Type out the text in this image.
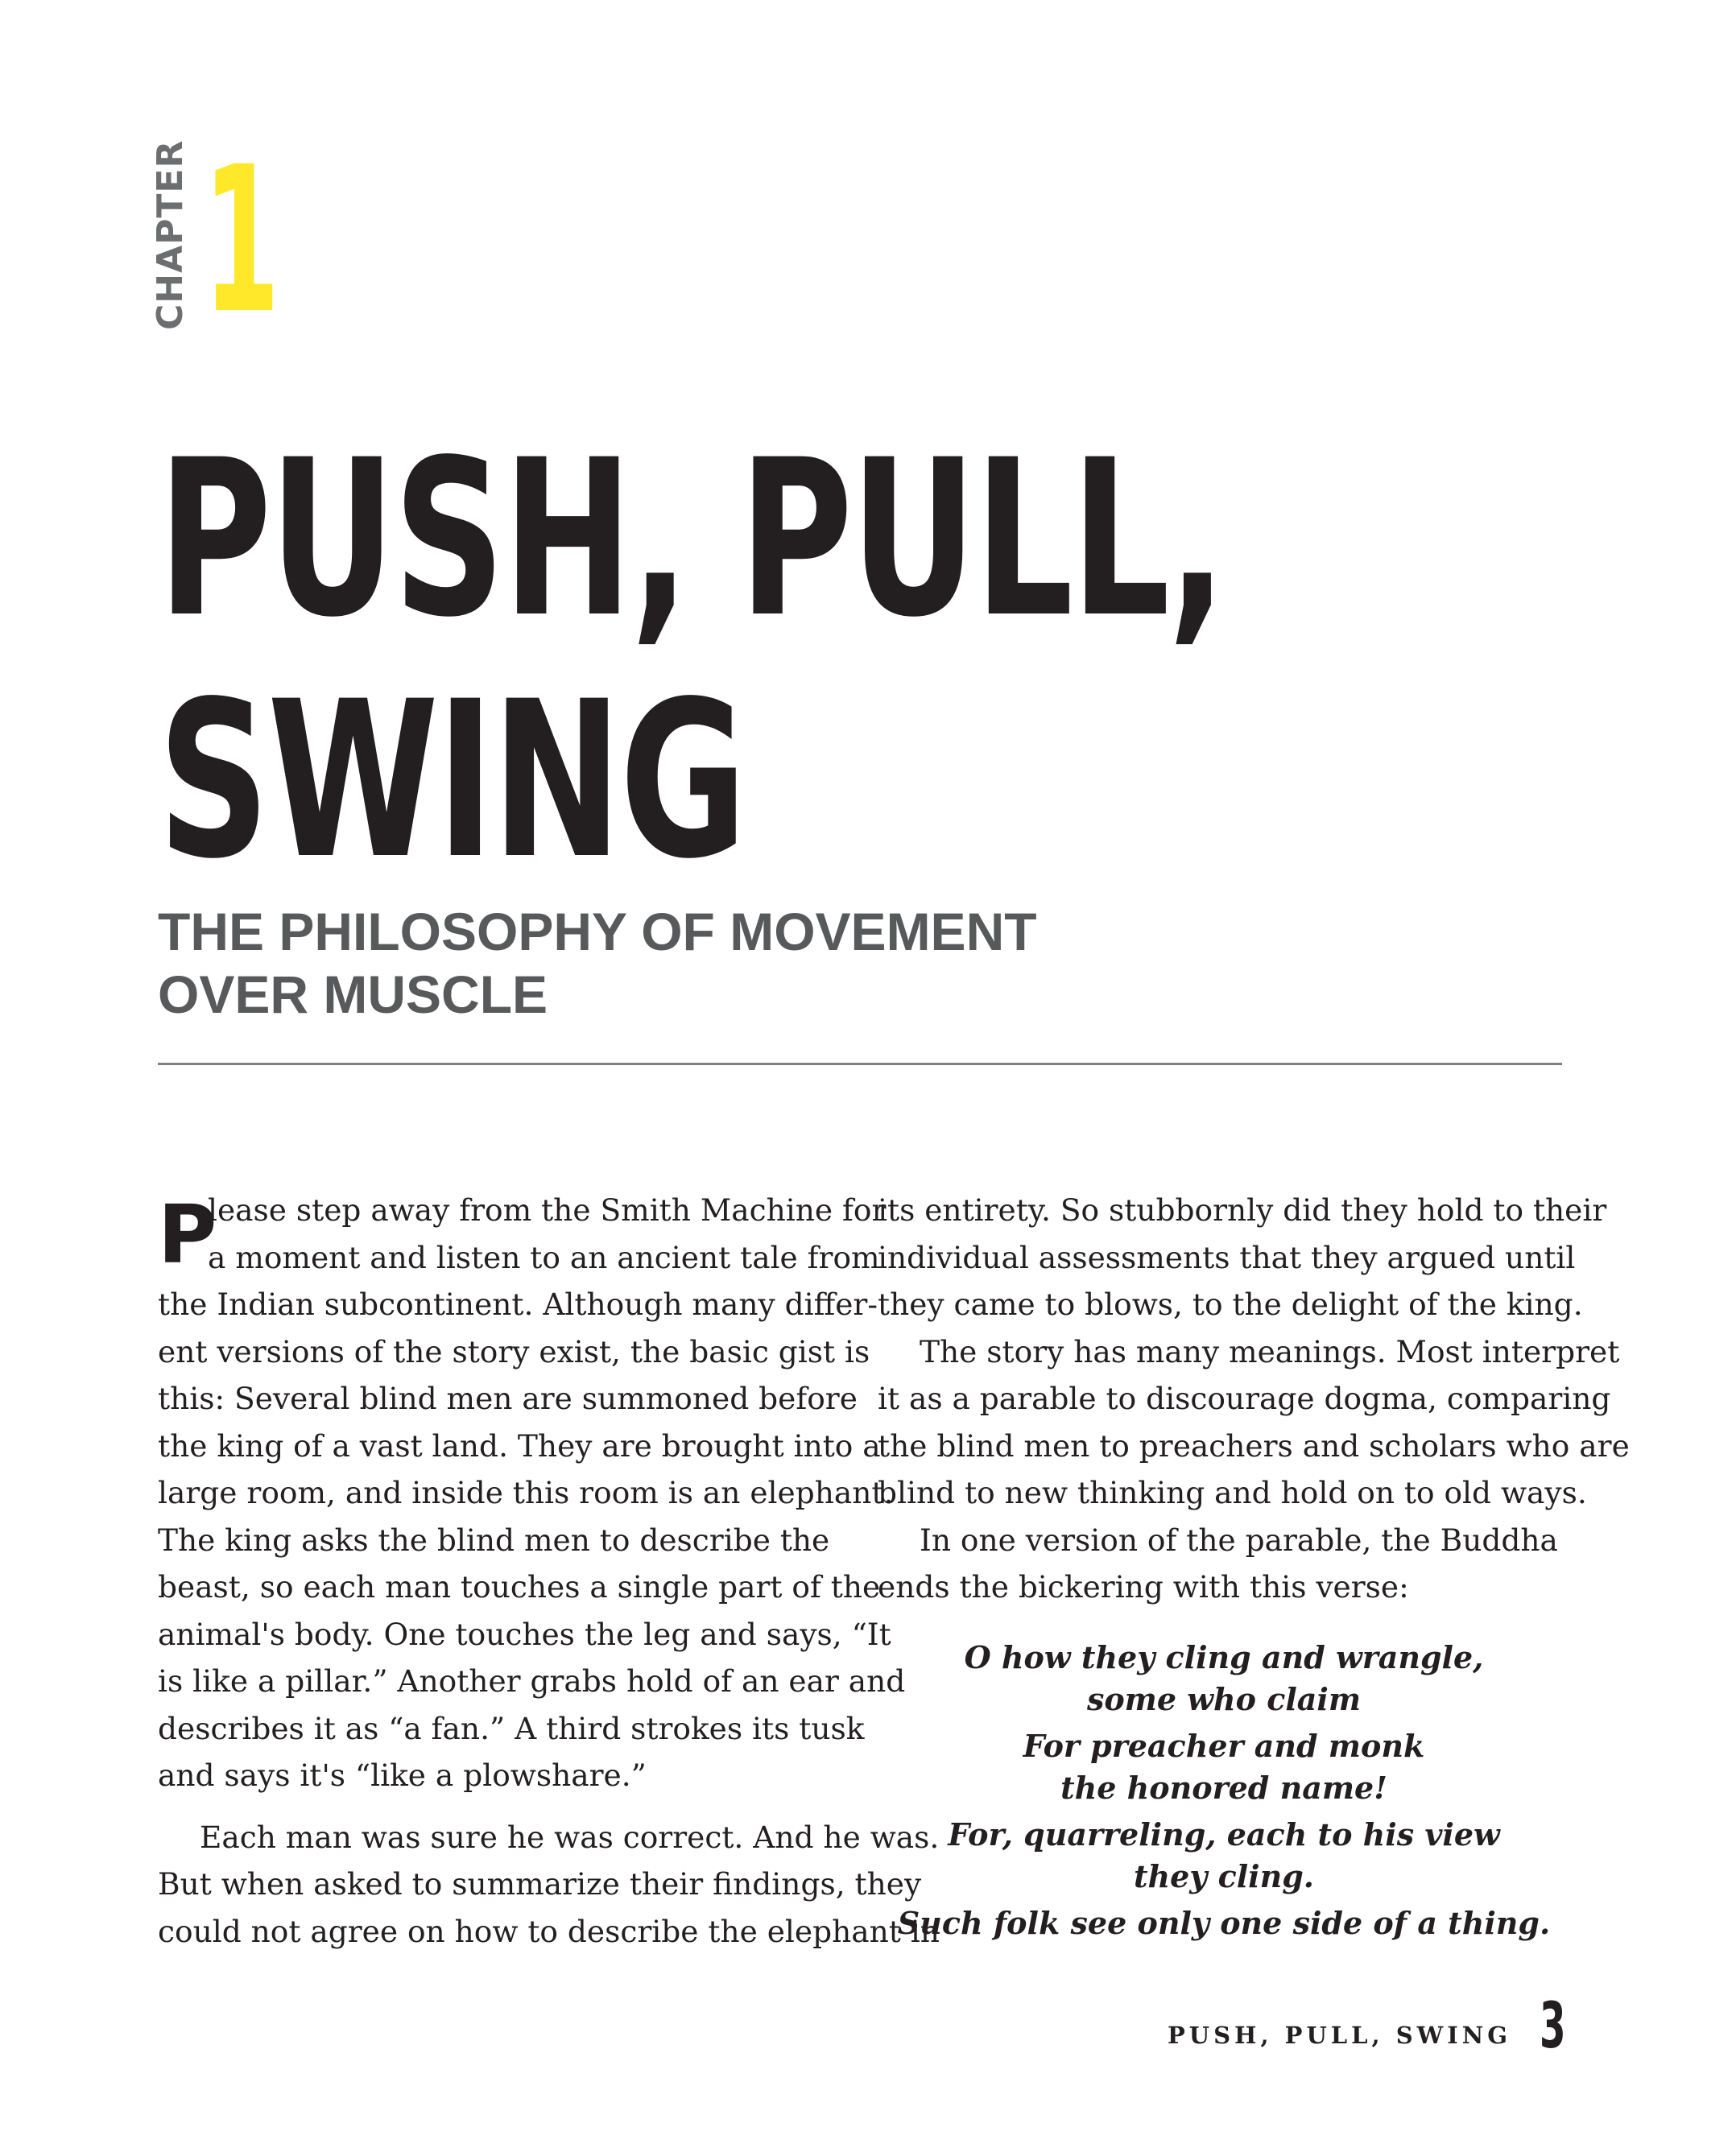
CHAPTER 1
PUSH, PULL,
SWING
THE PHILOSOPHY OF MOVEMENT
OVER MUSCLE

P
lease step away from the Smith Machine for
a moment and listen to an ancient tale from
the Indian subcontinent. Although many differ-
ent versions of the story exist, the basic gist is
this: Several blind men are summoned before
the king of a vast land. They are brought into a
large room, and inside this room is an elephant.
The king asks the blind men to describe the
beast, so each man touches a single part of the
animal's body. One touches the leg and says, “It
is like a pillar.” Another grabs hold of an ear and
describes it as “a fan.” A third strokes its tusk
and says it's “like a plowshare.”

Each man was sure he was correct. And he was.
But when asked to summarize their findings, they
could not agree on how to describe the elephant in

its entirety. So stubbornly did they hold to their
individual assessments that they argued until
they came to blows, to the delight of the king.

The story has many meanings. Most interpret
it as a parable to discourage dogma, comparing
the blind men to preachers and scholars who are
blind to new thinking and hold on to old ways.

In one version of the parable, the Buddha
ends the bickering with this verse:

O how they cling and wrangle,
some who claim
For preacher and monk
the honored name!
For, quarreling, each to his view
they cling.
Such folk see only one side of a thing.
PUSH, PULL, SWING 3
